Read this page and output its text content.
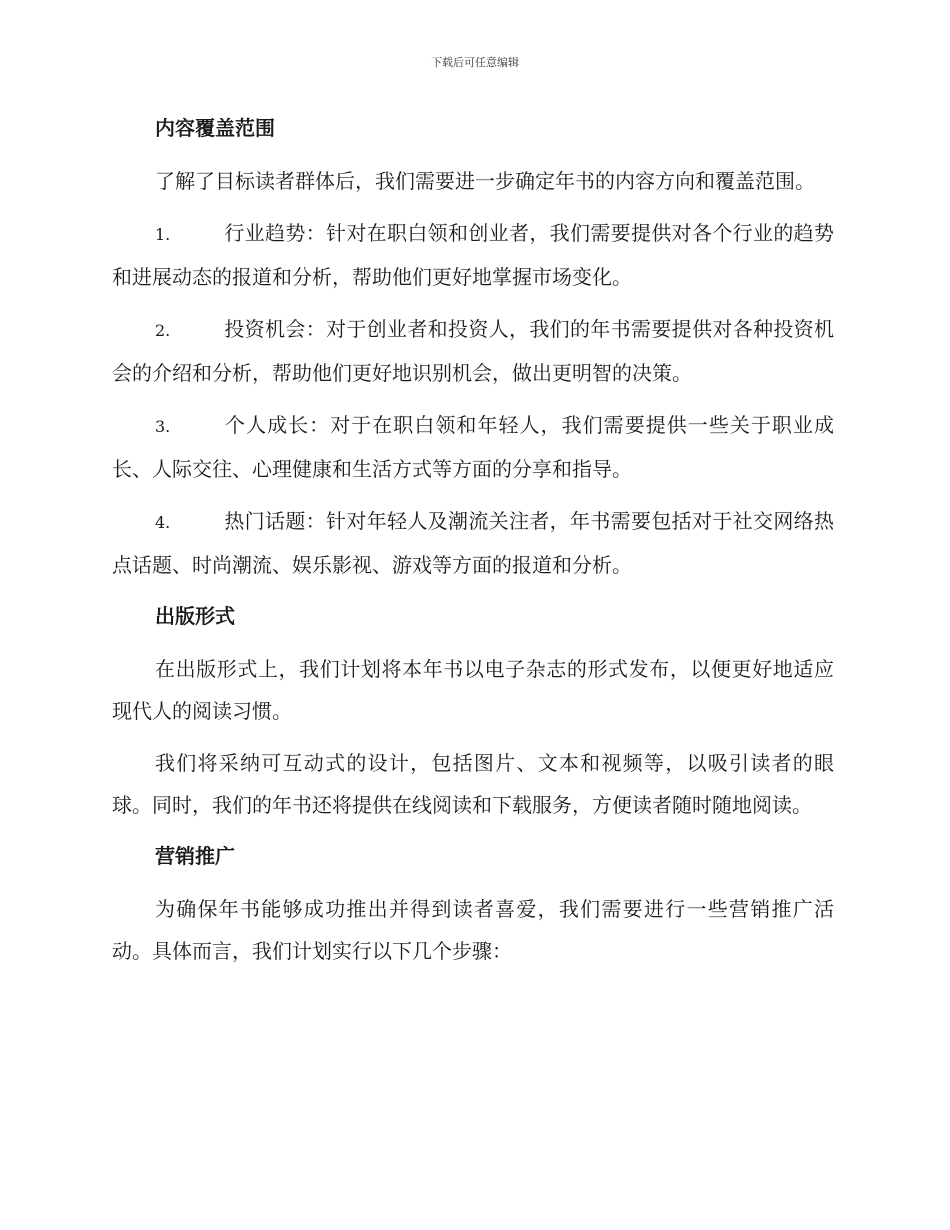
下载后可任意编辑
内容覆盖范围

了解了目标读者群体后，我们需要进一步确定年书的内容方向和覆盖范围。

1.	行业趋势：针对在职白领和创业者，我们需要提供对各个行业的趋势和进展动态的报道和分析，帮助他们更好地掌握市场变化。
2.	投资机会：对于创业者和投资人，我们的年书需要提供对各种投资机会的介绍和分析，帮助他们更好地识别机会，做出更明智的决策。
3.	个人成长：对于在职白领和年轻人，我们需要提供一些关于职业成长、人际交往、心理健康和生活方式等方面的分享和指导。
4.	热门话题：针对年轻人及潮流关注者，年书需要包括对于社交网络热点话题、时尚潮流、娱乐影视、游戏等方面的报道和分析。
出版形式

在出版形式上，我们计划将本年书以电子杂志的形式发布，以便更好地适应现代人的阅读习惯。

我们将采纳可互动式的设计，包括图片、文本和视频等，以吸引读者的眼球。同时，我们的年书还将提供在线阅读和下载服务，方便读者随时随地阅读。

营销推广

为确保年书能够成功推出并得到读者喜爱，我们需要进行一些营销推广活动。具体而言，我们计划实行以下几个步骤：
